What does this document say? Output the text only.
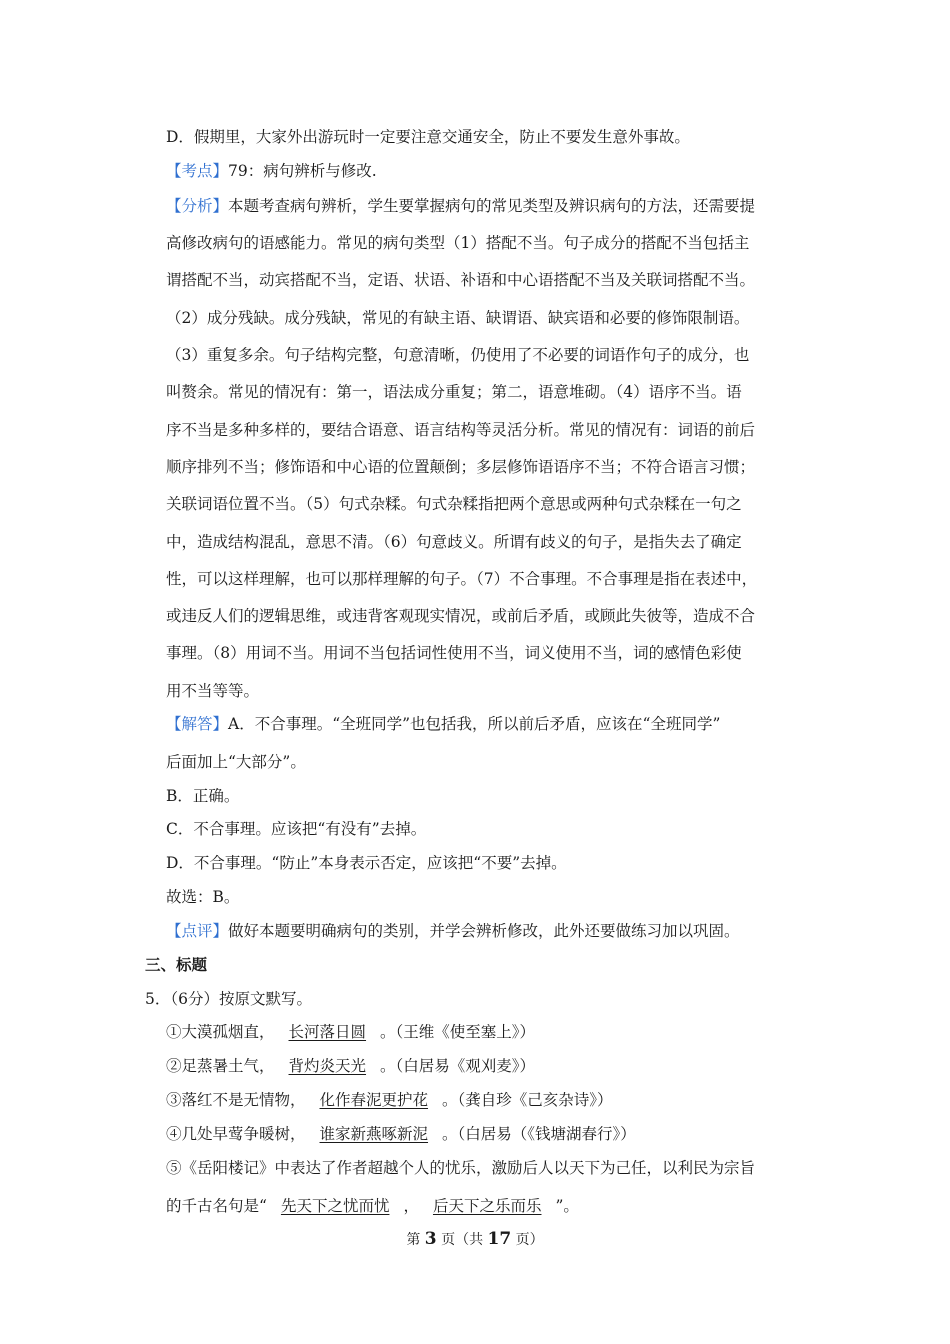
D．假期里，大家外出游玩时一定要注意交通安全，防止不要发生意外事故。
【考点】79：病句辨析与修改.
【分析】本题考查病句辨析，学生要掌握病句的常见类型及辨识病句的方法，还需要提
高修改病句的语感能力。常见的病句类型（1）搭配不当。句子成分的搭配不当包括主
谓搭配不当，动宾搭配不当，定语、状语、补语和中心语搭配不当及关联词搭配不当。
（2）成分残缺。成分残缺，常见的有缺主语、缺谓语、缺宾语和必要的修饰限制语。
（3）重复多余。句子结构完整，句意清晰，仍使用了不必要的词语作句子的成分，也
叫赘余。常见的情况有：第一，语法成分重复；第二，语意堆砌。（4）语序不当。语
序不当是多种多样的，要结合语意、语言结构等灵活分析。常见的情况有：词语的前后
顺序排列不当；修饰语和中心语的位置颠倒；多层修饰语语序不当；不符合语言习惯；
关联词语位置不当。（5）句式杂糅。句式杂糅指把两个意思或两种句式杂糅在一句之
中，造成结构混乱，意思不清。（6）句意歧义。所谓有歧义的句子，是指失去了确定
性，可以这样理解，也可以那样理解的句子。（7）不合事理。不合事理是指在表述中，
或违反人们的逻辑思维，或违背客观现实情况，或前后矛盾，或顾此失彼等，造成不合
事理。（8）用词不当。用词不当包括词性使用不当，词义使用不当，词的感情色彩使
用不当等等。
【解答】A．不合事理。“全班同学”也包括我，所以前后矛盾，应该在“全班同学”
后面加上“大部分”。
B．正确。
C．不合事理。应该把“有没有”去掉。
D．不合事理。“防止”本身表示否定，应该把“不要”去掉。
故选：B。
【点评】做好本题要明确病句的类别，并学会辨析修改，此外还要做练习加以巩固。
三、标题
5．（6分）按原文默写。
①大漠孤烟直， 长河落日圆 。（王维《使至塞上》）
②足蒸暑土气， 背灼炎天光 。（白居易《观刈麦》）
③落红不是无情物， 化作春泥更护花 。（龚自珍《己亥杂诗》）
④几处早莺争暖树， 谁家新燕啄新泥 。（白居易（《钱塘湖春行》）
⑤《岳阳楼记》中表达了作者超越个人的忧乐，激励后人以天下为己任，以利民为宗旨
的千古名句是“ 先天下之忧而忧 ， 后天下之乐而乐 ”。
第 3 页（共 17 页）
